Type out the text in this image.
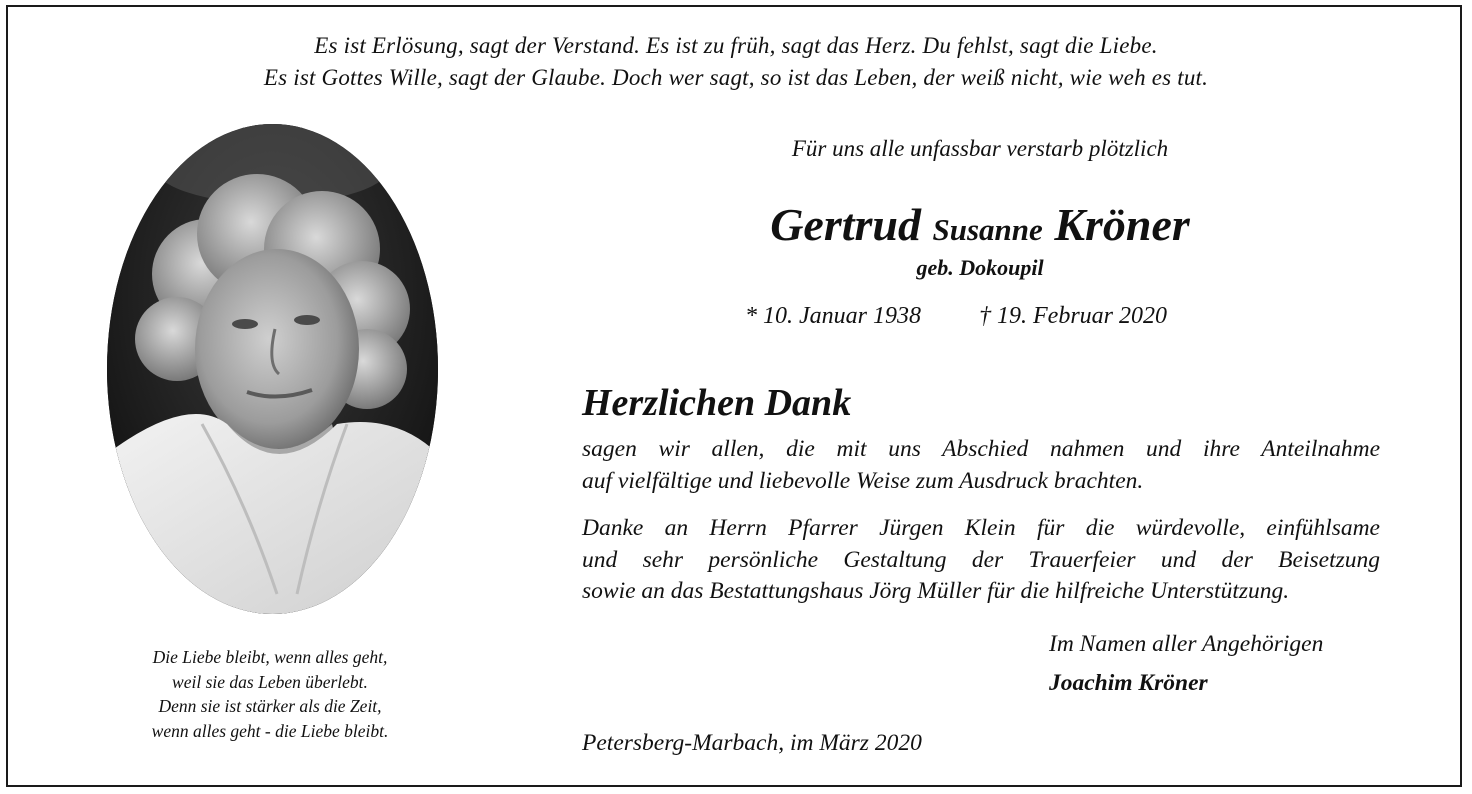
Es ist Erlösung, sagt der Verstand. Es ist zu früh, sagt das Herz. Du fehlst, sagt die Liebe.
Es ist Gottes Wille, sagt der Glaube. Doch wer sagt, so ist das Leben, der weiß nicht, wie weh es tut.
Die Liebe bleibt, wenn alles geht,
weil sie das Leben überlebt.
Denn sie ist stärker als die Zeit,
wenn alles geht - die Liebe bleibt.
Für uns alle unfassbar verstarb plötzlich
Gertrud Susanne Kröner
geb. Dokoupil
* 10. Januar 1938 † 19. Februar 2020
Herzlichen Dank
sagen wir allen, die mit uns Abschied nahmen und ihre Anteilnahme
auf vielfältige und liebevolle Weise zum Ausdruck brachten.
Danke an Herrn Pfarrer Jürgen Klein für die würdevolle, einfühlsame
und sehr persönliche Gestaltung der Trauerfeier und der Beisetzung
sowie an das Bestattungshaus Jörg Müller für die hilfreiche Unterstützung.
Im Namen aller Angehörigen
Joachim Kröner
Petersberg-Marbach, im März 2020
